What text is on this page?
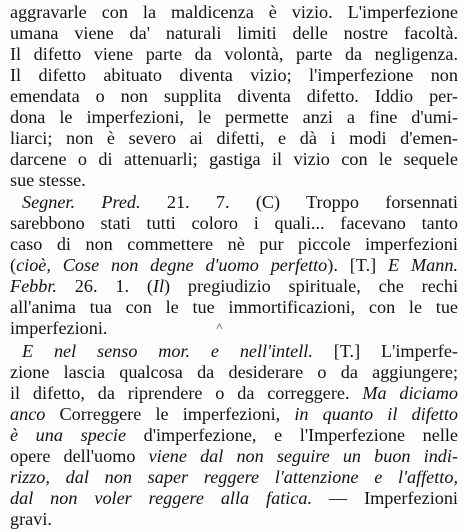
aggravarle con la maldicenza è vizio. L'imperfezione
umana viene da' naturali limiti delle nostre facoltà.
Il difetto viene parte da volontà, parte da negligenza.
Il difetto abituato diventa vizio; l'imperfezione non
emendata o non supplita diventa difetto. Iddio per-
dona le imperfezioni, le permette anzi a fine d'umi-
liarci; non è severo ai difetti, e dà i modi d'emen-
darcene o di attenuarli; gastiga il vizio con le sequele
sue stesse.
Segner. Pred. 21. 7. (C) Troppo forsennati
sarebbono stati tutti coloro i quali... facevano tanto
caso di non commettere nè pur piccole imperfezioni
(cioè, Cose non degne d'uomo perfetto). [T.] E Mann.
Febbr. 26. 1. (Il) pregiudizio spirituale, che rechi
all'anima tua con le tue immortificazioni, con le tue
imperfezioni.	˄
E nel senso mor. e nell'intell. [T.] L'imperfe-
zione lascia qualcosa da desiderare o da aggiungere;
il difetto, da riprendere o da correggere. Ma diciamo
anco Correggere le imperfezioni, in quanto il difetto
è una specie d'imperfezione, e l'Imperfezione nelle
opere dell'uomo viene dal non seguire un buon indi-
rizzo, dal non saper reggere l'attenzione e l'affetto,
dal non voler reggere alla fatica. — Imperfezioni
gravi.
